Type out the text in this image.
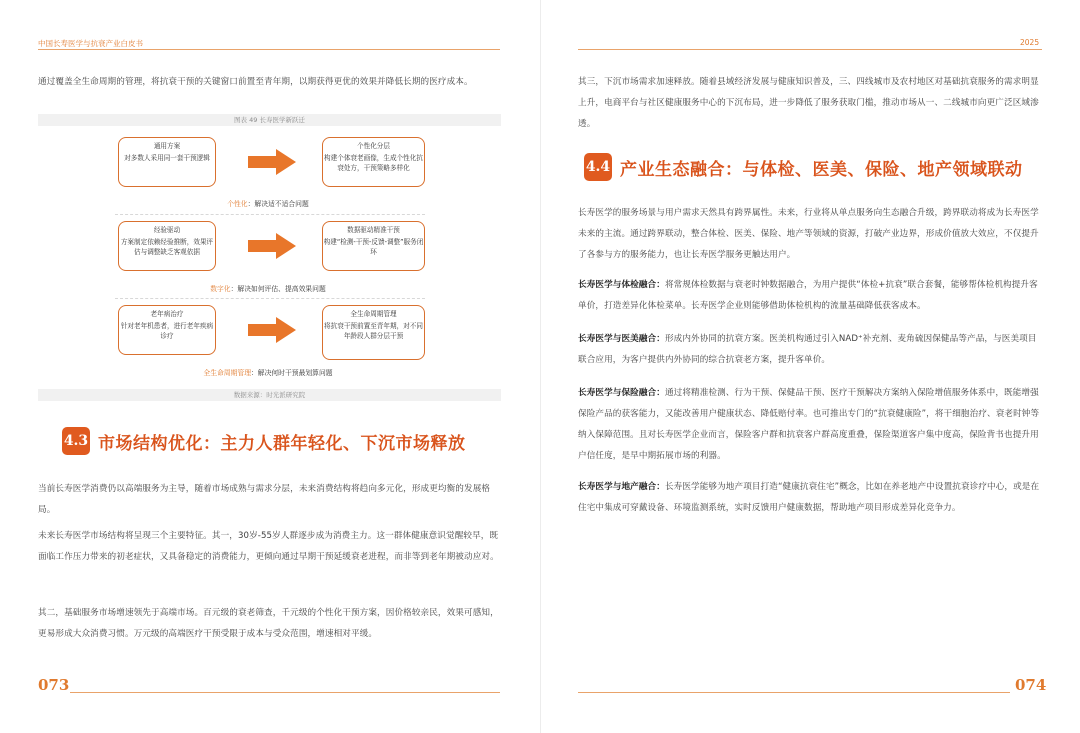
中国长寿医学与抗衰产业白皮书	2025
通过覆盖全生命周期的管理，将抗衰干预的关键窗口前置至青年期，以期获得更优的效果并降低长期的医疗成本。
图表 49 长寿医学新跃迁
通用方案
对多数人采用同一套干预逻辑
个性化分层
构建个体衰老画像，生成个性化抗衰处方，干预策略多样化
个性化：解决适不适合问题
经验驱动
方案制定依赖经验推断，效果评估与调整缺乏客观依据
数据驱动精准干预
构建“检测-干预-反馈-调整”服务闭环
数字化：解决如何评估、提高效果问题
老年病治疗
针对老年机患者，进行老年疾病诊疗
全生命周期管理
将抗衰干预前置至青年期，对不同年龄段人群分层干预
全生命周期管理：解决何时干预最划算问题
数据来源：时光派研究院
4.3 市场结构优化：主力人群年轻化、下沉市场释放
当前长寿医学消费仍以高端服务为主导，随着市场成熟与需求分层，未来消费结构将趋向多元化，形成更均衡的发展格局。
未来长寿医学市场结构将呈现三个主要特征。其一，30岁-55岁人群逐步成为消费主力。这一群体健康意识觉醒较早，既面临工作压力带来的初老症状，又具备稳定的消费能力，更倾向通过早期干预延缓衰老进程，而非等到老年期被动应对。
其二，基础服务市场增速领先于高端市场。百元级的衰老筛查，千元级的个性化干预方案，因价格较亲民，效果可感知，更易形成大众消费习惯。万元级的高端医疗干预受限于成本与受众范围，增速相对平缓。
073
其三，下沉市场需求加速释放。随着县域经济发展与健康知识普及，三、四线城市及农村地区对基础抗衰服务的需求明显上升，电商平台与社区健康服务中心的下沉布局，进一步降低了服务获取门槛，推动市场从一、二线城市向更广泛区域渗透。
4.4 产业生态融合：与体检、医美、保险、地产领域联动
长寿医学的服务场景与用户需求天然具有跨界属性。未来，行业将从单点服务向生态融合升级，跨界联动将成为长寿医学未来的主流。通过跨界联动，整合体检、医美、保险、地产等领域的资源，打破产业边界，形成价值放大效应，不仅提升了各参与方的服务能力，也让长寿医学服务更触达用户。
长寿医学与体检融合：将常规体检数据与衰老时钟数据融合，为用户提供“体检+抗衰”联合套餐，能够帮体检机构提升客单价，打造差异化体检菜单。长寿医学企业则能够借助体检机构的流量基础降低获客成本。
长寿医学与医美融合：形成内外协同的抗衰方案。医美机构通过引入NAD⁺补充剂、麦角硫因保健品等产品，与医美项目联合应用，为客户提供内外协同的综合抗衰老方案，提升客单价。
长寿医学与保险融合：通过将精准检测、行为干预、保健品干预、医疗干预解决方案纳入保险增值服务体系中，既能增强保险产品的获客能力，又能改善用户健康状态、降低赔付率。也可推出专门的“抗衰健康险”，将干细胞治疗、衰老时钟等纳入保障范围。且对长寿医学企业而言，保险客户群和抗衰客户群高度重叠，保险渠道客户集中度高，保险背书也提升用户信任度，是早中期拓展市场的利器。
长寿医学与地产融合：长寿医学能够为地产项目打造“健康抗衰住宅”概念，比如在养老地产中设置抗衰诊疗中心，或是在住宅中集成可穿戴设备、环境监测系统，实时反馈用户健康数据，帮助地产项目形成差异化竞争力。
074
